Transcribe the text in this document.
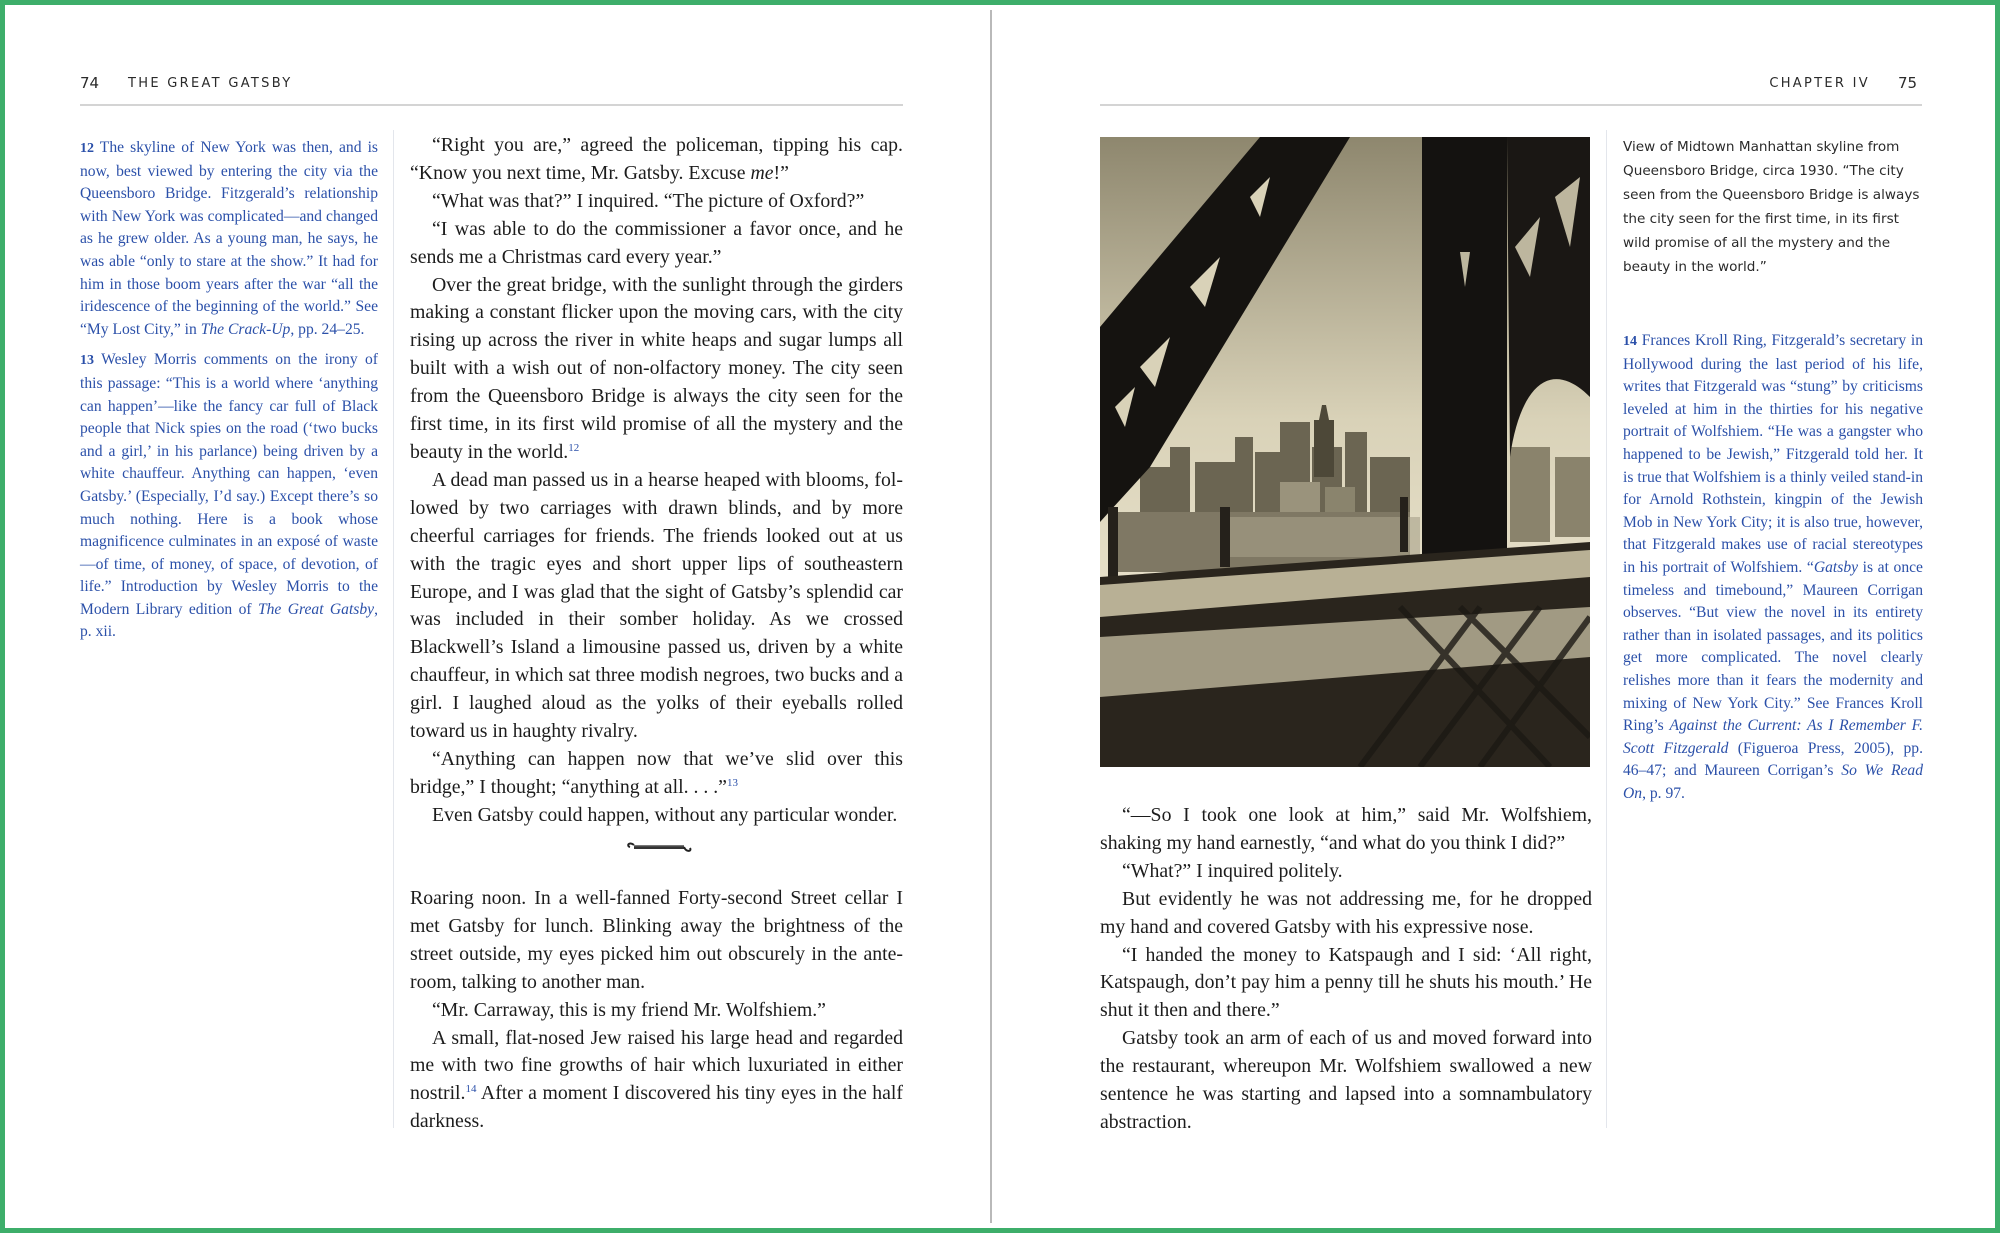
74 THE GREAT GATSBY

12 The skyline of New York was then, and is now, best viewed by entering the city via the Queensboro Bridge. Fitzgerald’s relationship with New York was complicated—and changed as he grew older. As a young man, he says, he was able “only to stare at the show.” It had for him in those boom years after the war “all the iridescence of the beginning of the world.” See “My Lost City,” in The Crack-Up, pp. 24–25.

13 Wesley Morris comments on the irony of this passage: “This is a world where ‘anything can happen’—like the fancy car full of Black people that Nick spies on the road (‘two bucks and a girl,’ in his parlance) being driven by a white chauffeur. Anything can happen, ‘even Gatsby.’ (Especially, I’d say.) Except there’s so much nothing. Here is a book whose magnificence culminates in an exposé of waste—of time, of money, of space, of devotion, of life.” Introduction by Wesley Morris to the Modern Library edition of The Great Gatsby, p. xii.

“Right you are,” agreed the policeman, tipping his cap. “Know you next time, Mr. Gatsby. Excuse me!”

“What was that?” I inquired. “The picture of Oxford?”

“I was able to do the commissioner a favor once, and he sends me a Christmas card every year.”

Over the great bridge, with the sunlight through the girders making a constant flicker upon the moving cars, with the city rising up across the river in white heaps and sugar lumps all built with a wish out of non-olfactory money. The city seen from the Queensboro Bridge is always the city seen for the first time, in its first wild promise of all the mystery and the beauty in the world.$^{12}$

A dead man passed us in a hearse heaped with blooms, followed by two carriages with drawn blinds, and by more cheerful carriages for friends. The friends looked out at us with the tragic eyes and short upper lips of southeastern Europe, and I was glad that the sight of Gatsby’s splendid car was included in their somber holiday. As we crossed Blackwell’s Island a limousine passed us, driven by a white chauffeur, in which sat three modish negroes, two bucks and a girl. I laughed aloud as the yolks of their eyeballs rolled toward us in haughty rivalry.

“Anything can happen now that we’ve slid over this bridge,” I thought; “anything at all. . . .”$^{13}$

Even Gatsby could happen, without any particular wonder.

Roaring noon. In a well-fanned Forty-second Street cellar I met Gatsby for lunch. Blinking away the brightness of the street outside, my eyes picked him out obscurely in the anteroom, talking to another man.

“Mr. Carraway, this is my friend Mr. Wolfshiem.”

A small, flat-nosed Jew raised his large head and regarded me with two fine growths of hair which luxuriated in either nostril.$^{14}$ After a moment I discovered his tiny eyes in the half darkness.

CHAPTER IV 75

“—So I took one look at him,” said Mr. Wolfshiem, shaking my hand earnestly, “and what do you think I did?”

“What?” I inquired politely.

But evidently he was not addressing me, for he dropped my hand and covered Gatsby with his expressive nose.

“I handed the money to Katspaugh and I sid: ‘All right, Katspaugh, don’t pay him a penny till he shuts his mouth.’ He shut it then and there.”

Gatsby took an arm of each of us and moved forward into the restaurant, whereupon Mr. Wolfshiem swallowed a new sentence he was starting and lapsed into a somnambulatory abstraction.

View of Midtown Manhattan skyline from Queensboro Bridge, circa 1930. “The city seen from the Queensboro Bridge is always the city seen for the first time, in its first wild promise of all the mystery and the beauty in the world.”

14 Frances Kroll Ring, Fitzgerald’s secretary in Hollywood during the last period of his life, writes that Fitzgerald was “stung” by criticisms leveled at him in the thirties for his negative portrait of Wolfshiem. “He was a gangster who happened to be Jewish,” Fitzgerald told her. It is true that Wolfshiem is a thinly veiled stand-in for Arnold Rothstein, kingpin of the Jewish Mob in New York City; it is also true, however, that Fitzgerald makes use of racial stereotypes in his portrait of Wolfshiem. “Gatsby is at once timeless and timebound,” Maureen Corrigan observes. “But view the novel in its entirety rather than in isolated passages, and its politics get more complicated. The novel clearly relishes more than it fears the modernity and mixing of New York City.” See Frances Kroll Ring’s Against the Current: As I Remember F. Scott Fitzgerald (Figueroa Press, 2005), pp. 46–47; and Maureen Corrigan’s So We Read On, p. 97.
